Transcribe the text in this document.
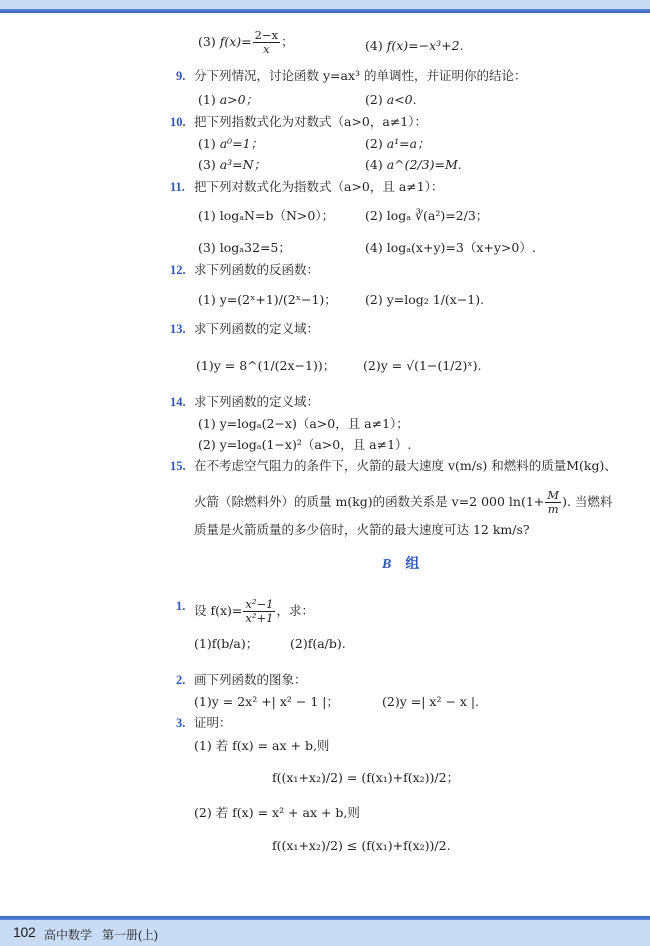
(3) $f(x)= \frac{2-x}{x}$ ；	(4) f(x)=−x³+2.
9. 分下列情况，讨论函数 y=ax³ 的单调性，并证明你的结论：
(1) a>0；	(2) a<0.
10. 把下列指数式化为对数式（a>0，a≠1）：
(1) a⁰=1；	(2) a¹=a；
(3) a³=N；	(4) a^(2/3)=M.
11. 把下列对数式化为指数式（a>0，且 a≠1）：
(1) logₐN=b（N>0）； (2) logₐ ∛(a²)=2/3；
(3) logₐ32=5；	(4) logₐ(x+y)=3（x+y>0）.
12. 求下列函数的反函数：
(1) y=(2ˣ+1)/(2ˣ−1)； (2) y=log₂ 1/(x−1).
13. 求下列函数的定义域：
(1)y = 8^(1/(2x−1))； (2)y = √(1−(1/2)ˣ).
14. 求下列函数的定义域：
(1) y=logₐ(2−x)（a>0，且 a≠1）；
(2) y=logₐ(1−x)²（a>0，且 a≠1）.
15. 在不考虑空气阻力的条件下，火箭的最大速度 v(m/s) 和燃料的质量M(kg)、
火箭（除燃料外）的质量 m(kg)的函数关系是 v=2 000 $\ln(1+ \frac{M}{m}$ ). 当燃料
质量是火箭质量的多少倍时，火箭的最大速度可达 12 km/s?
B 组
1. 设 $f(x)= \frac{\text{x²−1}}{\text{x²+1}}$ ，求：
(1)f(b/a)；	(2)f(a/b).
2. 画下列函数的图象：
(1)y = 2x² +| x² − 1 |；	(2)y =| x² − x |.
3. 证明：
(1) 若 f(x) = ax + b,则
f((x₁+x₂)/2) = (f(x₁)+f(x₂))/2；
(2) 若 f(x) = x² + ax + b,则
f((x₁+x₂)/2) ≤ (f(x₁)+f(x₂))/2.
102 高中数学 第一册(上)
